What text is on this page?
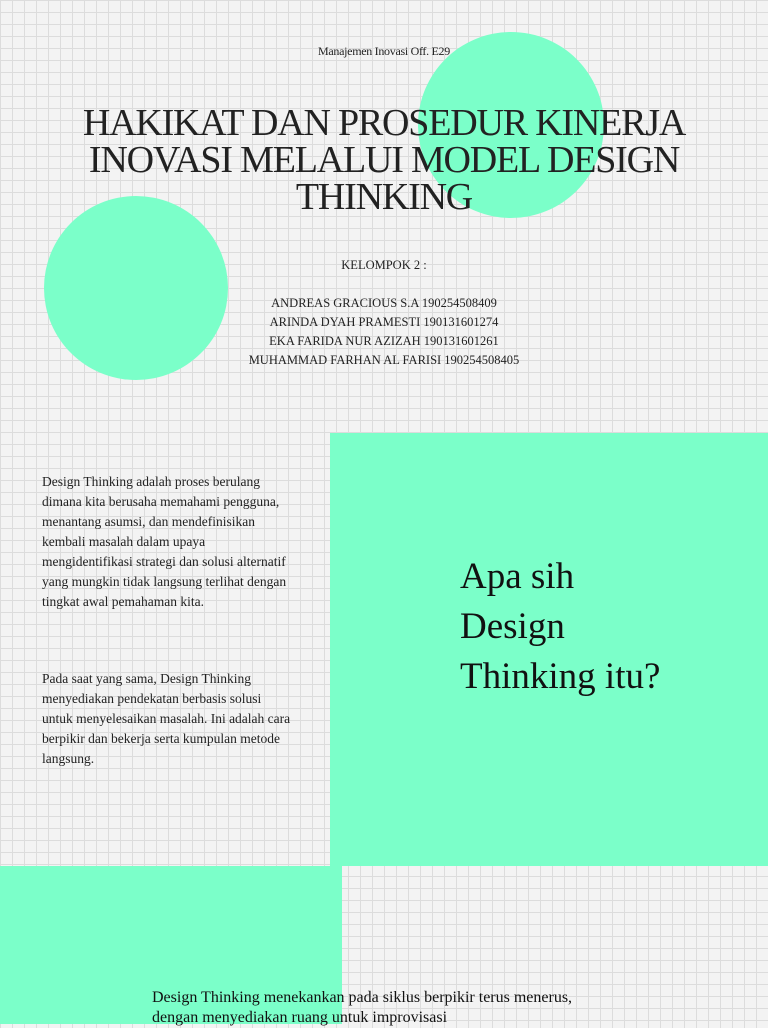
Manajemen Inovasi Off. E29
HAKIKAT DAN PROSEDUR KINERJA INOVASI MELALUI MODEL DESIGN THINKING
KELOMPOK 2 :
ANDREAS GRACIOUS S.A 190254508409
ARINDA DYAH PRAMESTI 190131601274
EKA FARIDA NUR AZIZAH 190131601261
MUHAMMAD FARHAN AL FARISI 190254508405

Design Thinking adalah proses berulang dimana kita berusaha memahami pengguna, menantang asumsi, dan mendefinisikan kembali masalah dalam upaya mengidentifikasi strategi dan solusi alternatif yang mungkin tidak langsung terlihat dengan tingkat awal pemahaman kita.

Pada saat yang sama, Design Thinking menyediakan pendekatan berbasis solusi untuk menyelesaikan masalah. Ini adalah cara berpikir dan bekerja serta kumpulan metode langsung.

Apa sih Design Thinking itu?

Design Thinking menekankan pada siklus berpikir terus menerus, dengan menyediakan ruang untuk improvisasi
